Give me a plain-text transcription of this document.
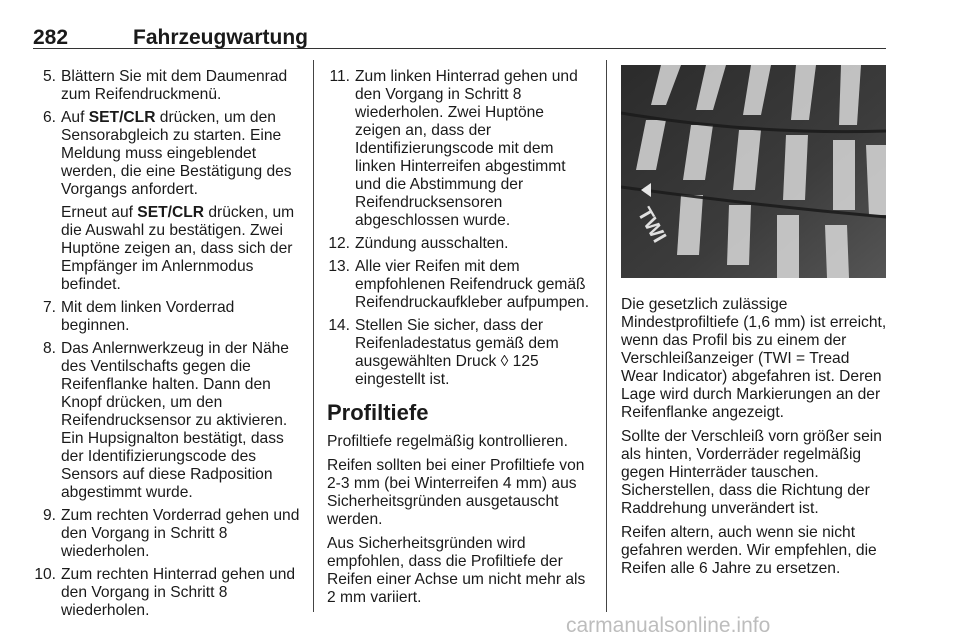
282	Fahrzeugwartung
5. Blättern Sie mit dem Daumenrad zum Reifendruckmenü.
6. Auf SET/CLR drücken, um den Sensorabgleich zu starten. Eine Meldung muss eingeblendet werden, die eine Bestätigung des Vorgangs anfordert.
Erneut auf SET/CLR drücken, um die Auswahl zu bestätigen. Zwei Huptöne zeigen an, dass sich der Empfänger im Anlernmodus befindet.
7. Mit dem linken Vorderrad beginnen.
8. Das Anlernwerkzeug in der Nähe des Ventilschafts gegen die Reifenflanke halten. Dann den Knopf drücken, um den Reifendrucksensor zu aktivieren. Ein Hupsignalton bestätigt, dass der Identifizierungscode des Sensors auf diese Radposition abgestimmt wurde.
9. Zum rechten Vorderrad gehen und den Vorgang in Schritt 8 wiederholen.
10. Zum rechten Hinterrad gehen und den Vorgang in Schritt 8 wiederholen.
11. Zum linken Hinterrad gehen und den Vorgang in Schritt 8 wiederholen. Zwei Huptöne zeigen an, dass der Identifizierungscode mit dem linken Hinterreifen abgestimmt und die Abstimmung der Reifendrucksensoren abgeschlossen wurde.
12. Zündung ausschalten.
13. Alle vier Reifen mit dem empfohlenen Reifendruck gemäß Reifendruckaufkleber aufpumpen.
14. Stellen Sie sicher, dass der Reifenladestatus gemäß dem ausgewählten Druck ◊ 125 eingestellt ist.
Profiltiefe

Profiltiefe regelmäßig kontrollieren.

Reifen sollten bei einer Profiltiefe von 2-3 mm (bei Winterreifen 4 mm) aus Sicherheitsgründen ausgetauscht werden.

Aus Sicherheitsgründen wird empfohlen, dass die Profiltiefe der Reifen einer Achse um nicht mehr als 2 mm variiert.

TWI

Die gesetzlich zulässige Mindestprofiltiefe (1,6 mm) ist erreicht, wenn das Profil bis zu einem der Verschleißanzeiger (TWI = Tread Wear Indicator) abgefahren ist. Deren Lage wird durch Markierungen an der Reifenflanke angezeigt.

Sollte der Verschleiß vorn größer sein als hinten, Vorderräder regelmäßig gegen Hinterräder tauschen. Sicherstellen, dass die Richtung der Raddrehung unverändert ist.

Reifen altern, auch wenn sie nicht gefahren werden. Wir empfehlen, die Reifen alle 6 Jahre zu ersetzen.

carmanualsonline.info
